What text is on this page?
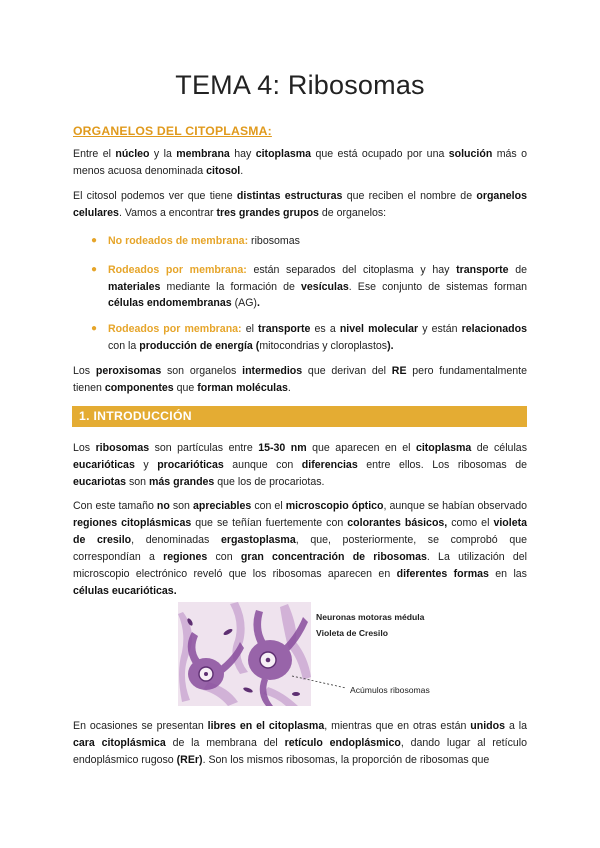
TEMA 4: Ribosomas
ORGANELOS DEL CITOPLASMA:
Entre el núcleo y la membrana hay citoplasma que está ocupado por una solución más o menos acuosa denominada citosol.
El citosol podemos ver que tiene distintas estructuras que reciben el nombre de organelos celulares. Vamos a encontrar tres grandes grupos de organelos:
● No rodeados de membrana: ribosomas
● Rodeados por membrana: están separados del citoplasma y hay transporte de materiales mediante la formación de vesículas. Ese conjunto de sistemas forman células endomembranas (AG).
● Rodeados por membrana: el transporte es a nivel molecular y están relacionados con la producción de energía (mitocondrias y cloroplastos).
Los peroxisomas son organelos intermedios que derivan del RE pero fundamentalmente tienen componentes que forman moléculas.
1. INTRODUCCIÓN
Los ribosomas son partículas entre 15-30 nm que aparecen en el citoplasma de células eucarióticas y procarióticas aunque con diferencias entre ellos. Los ribosomas de eucariotas son más grandes que los de procariotas.
Con este tamaño no son apreciables con el microscopio óptico, aunque se habían observado regiones citoplásmicas que se teñían fuertemente con colorantes básicos, como el violeta de cresilo, denominadas ergastoplasma, que, posteriormente, se comprobó que correspondían a regiones con gran concentración de ribosomas. La utilización del microscopio electrónico reveló que los ribosomas aparecen en diferentes formas en las células eucarióticas.
Neuronas motoras médula
Violeta de Cresilo
Acúmulos ribosomas
En ocasiones se presentan libres en el citoplasma, mientras que en otras están unidos a la cara citoplásmica de la membrana del retículo endoplásmico, dando lugar al retículo endoplásmico rugoso (REr). Son los mismos ribosomas, la proporción de ribosomas que
